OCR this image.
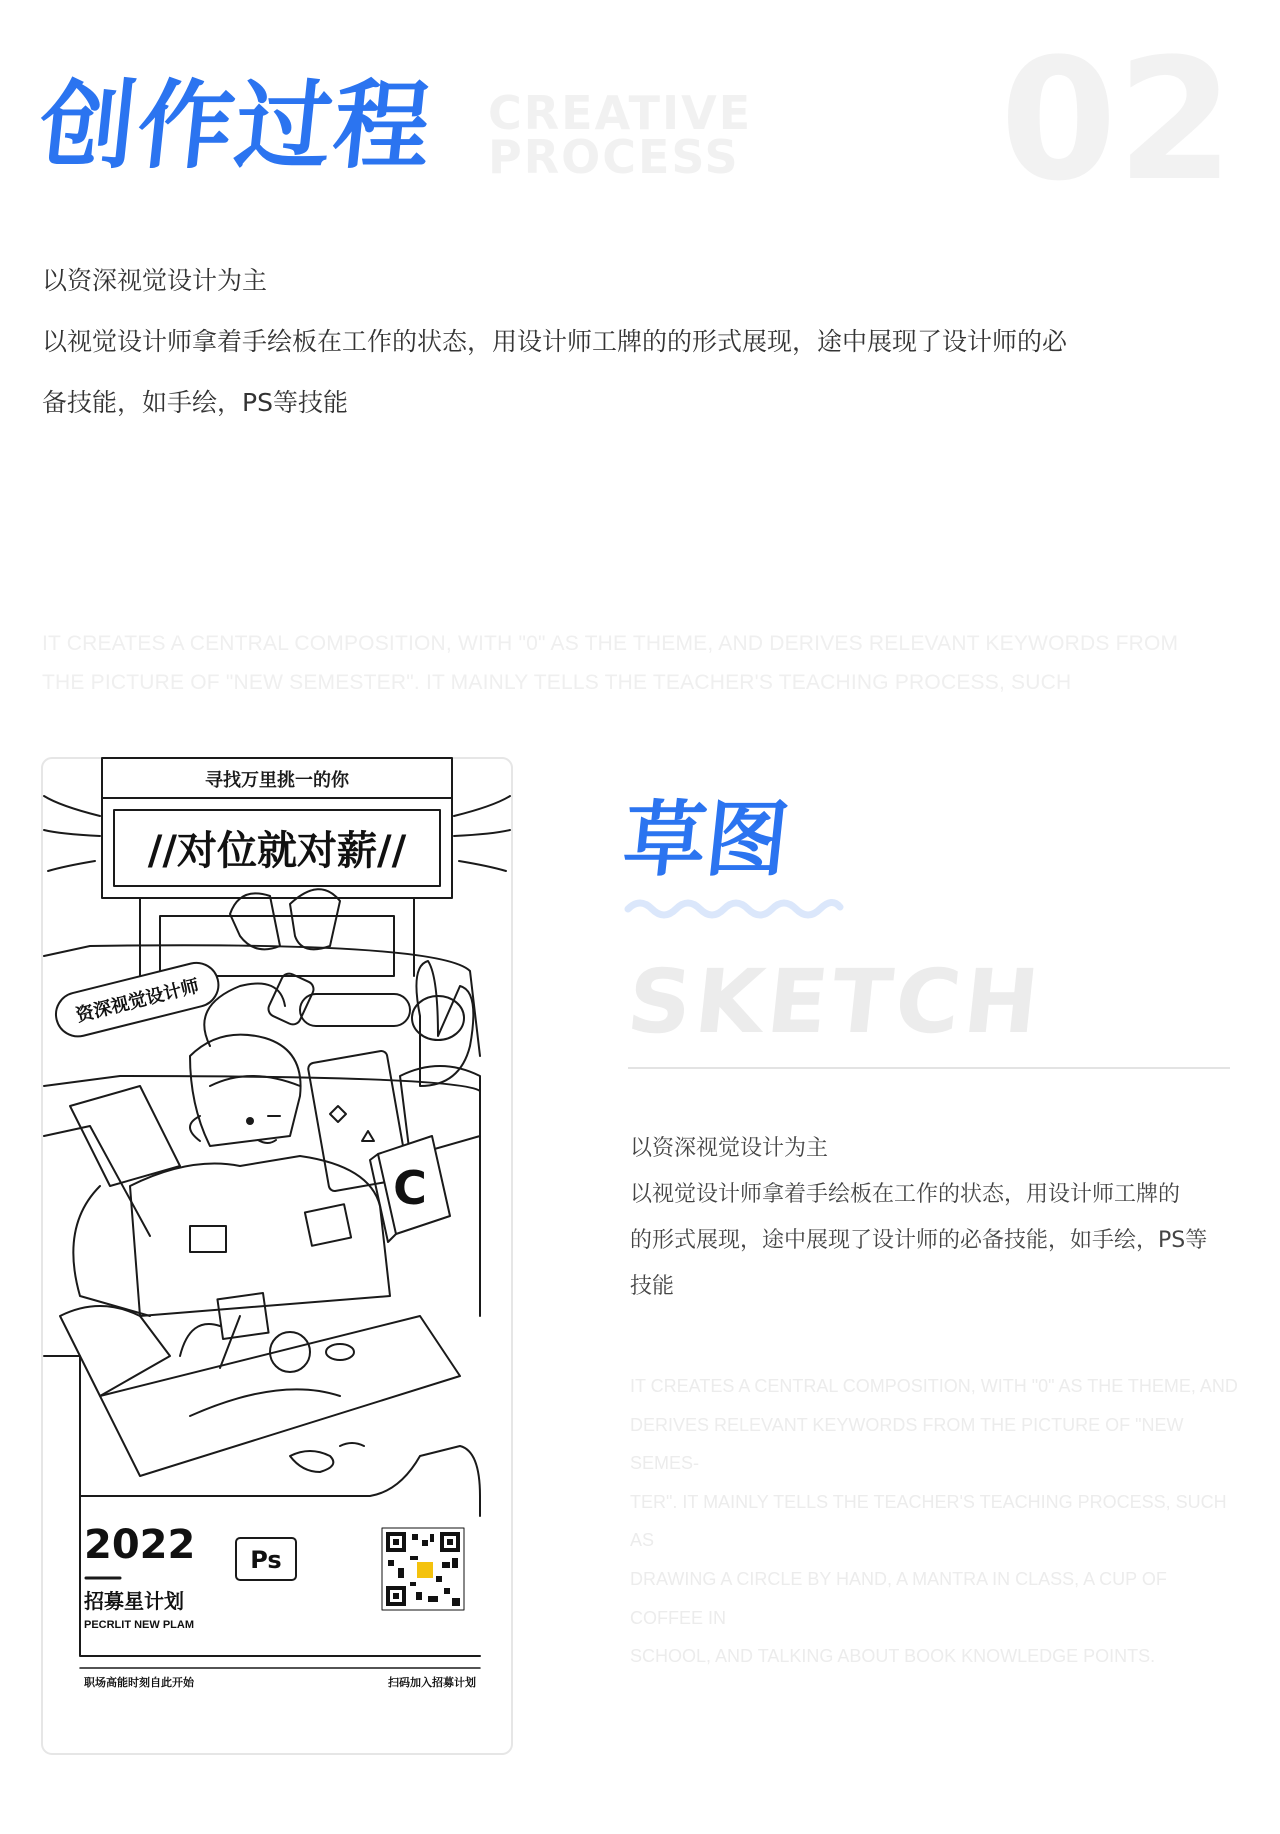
创作过程 CREATIVE
PROCESS	02
以资深视觉设计为主
以视觉设计师拿着手绘板在工作的状态，用设计师工牌的的形式展现，途中展现了设计师的必
备技能，如手绘，PS等技能
IT CREATES A CENTRAL COMPOSITION, WITH "0" AS THE THEME, AND DERIVES RELEVANT KEYWORDS FROM
THE PICTURE OF "NEW SEMESTER". IT MAINLY TELLS THE TEACHER'S TEACHING PROCESS, SUCH
寻找万里挑一的你
//对位就对薪//
资深视觉设计师
C
Ps
2022
招募星计划
PECRLIT NEW PLAM
职场高能时刻自此开始	扫码加入招募计划
草图
SKETCH
以资深视觉设计为主
以视觉设计师拿着手绘板在工作的状态，用设计师工牌的
的形式展现，途中展现了设计师的必备技能，如手绘，PS等
技能
IT CREATES A CENTRAL COMPOSITION, WITH "0" AS THE THEME, AND
DERIVES RELEVANT KEYWORDS FROM THE PICTURE OF "NEW SEMES-
TER". IT MAINLY TELLS THE TEACHER'S TEACHING PROCESS, SUCH AS
DRAWING A CIRCLE BY HAND, A MANTRA IN CLASS, A CUP OF COFFEE IN
SCHOOL, AND TALKING ABOUT BOOK KNOWLEDGE POINTS.
